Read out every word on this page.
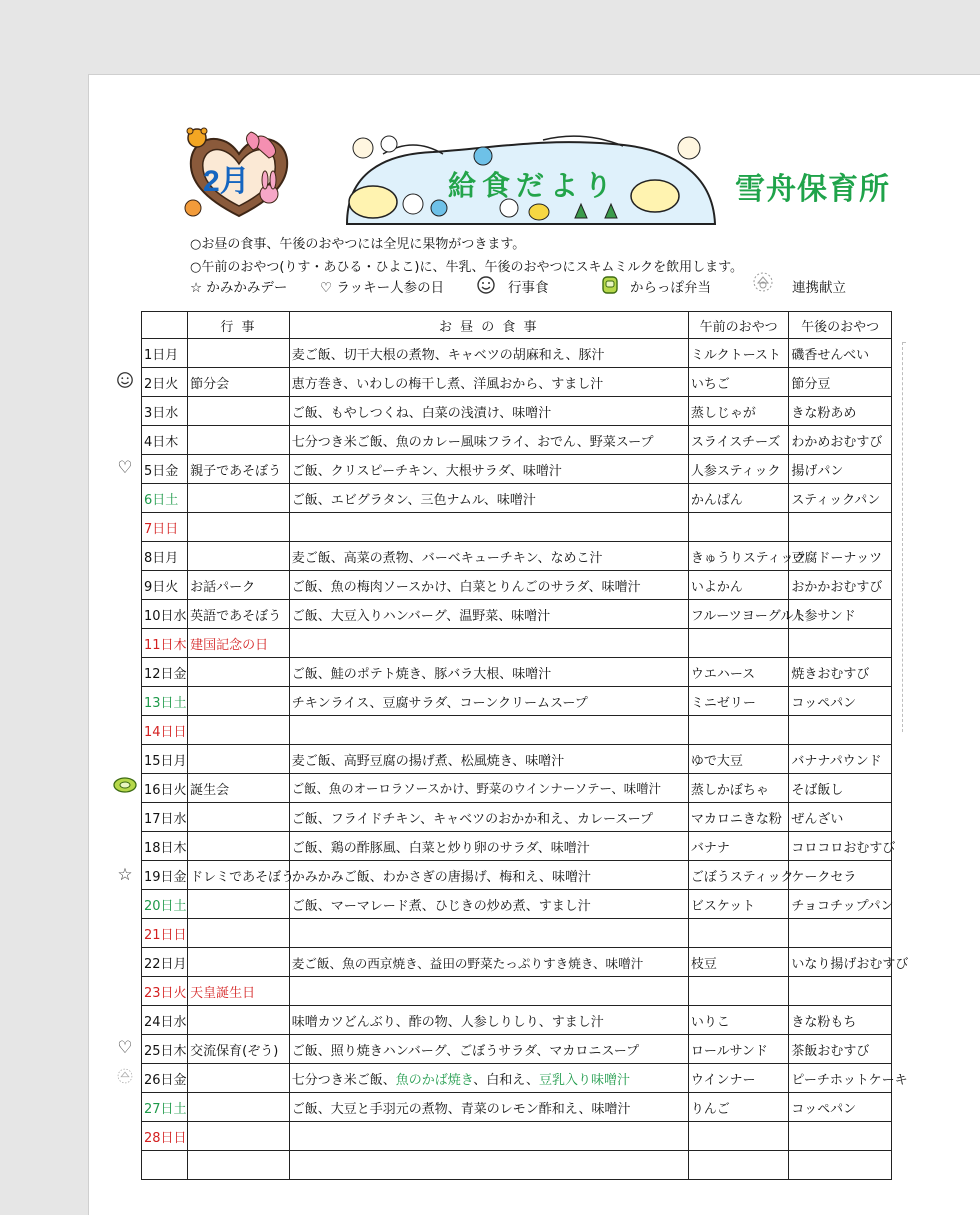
2月	給食だより	雪舟保育所
○お昼の食事、午後のおやつには全児に果物がつきます。
○午前のおやつ(りす・あひる・ひよこ)に、牛乳、午後のおやつにスキムミルクを飲用します。
☆ かみかみデー ♡ ラッキー人参の日	行事食	からっぽ弁当	連携献立
♡
☆
♡
	行 事	お 昼 の 食 事	午前のおやつ	午後のおやつ
1日月		麦ご飯、切干大根の煮物、キャベツの胡麻和え、豚汁	ミルクトースト	磯香せんべい
2日火	節分会	恵方巻き、いわしの梅干し煮、洋風おから、すまし汁	いちご	節分豆
3日水		ご飯、もやしつくね、白菜の浅漬け、味噌汁	蒸しじゃが	きな粉あめ
4日木		七分つき米ご飯、魚のカレー風味フライ、おでん、野菜スープ	スライスチーズ	わかめおむすび
5日金	親子であそぼう	ご飯、クリスピーチキン、大根サラダ、味噌汁	人参スティック	揚げパン
6日土		ご飯、エビグラタン、三色ナムル、味噌汁	かんぱん	スティックパン
7日日				
8日月		麦ご飯、高菜の煮物、バーベキューチキン、なめこ汁	きゅうりスティック	豆腐ドーナッツ
9日火	お話パーク	ご飯、魚の梅肉ソースかけ、白菜とりんごのサラダ、味噌汁	いよかん	おかかおむすび
10日水	英語であそぼう	ご飯、大豆入りハンバーグ、温野菜、味噌汁	フルーツヨーグルト	人参サンド
11日木	建国記念の日			
12日金		ご飯、鮭のポテト焼き、豚バラ大根、味噌汁	ウエハース	焼きおむすび
13日土		チキンライス、豆腐サラダ、コーンクリームスープ	ミニゼリー	コッペパン
14日日				
15日月		麦ご飯、高野豆腐の揚げ煮、松風焼き、味噌汁	ゆで大豆	バナナパウンド
16日火	誕生会	ご飯、魚のオーロラソースかけ、野菜のウインナーソテー、味噌汁	蒸しかぼちゃ	そば飯し
17日水		ご飯、フライドチキン、キャベツのおかか和え、カレースープ	マカロニきな粉	ぜんざい
18日木		ご飯、鶏の酢豚風、白菜と炒り卵のサラダ、味噌汁	バナナ	コロコロおむすび
19日金	ドレミであそぼう	かみかみご飯、わかさぎの唐揚げ、梅和え、味噌汁	ごぼうスティック	ケークセラ
20日土		ご飯、マーマレード煮、ひじきの炒め煮、すまし汁	ビスケット	チョコチップパン
21日日				
22日月		麦ご飯、魚の西京焼き、益田の野菜たっぷりすき焼き、味噌汁	枝豆	いなり揚げおむすび
23日火	天皇誕生日			
24日水		味噌カツどんぶり、酢の物、人参しりしり、すまし汁	いりこ	きな粉もち
25日木	交流保育(ぞう)	ご飯、照り焼きハンバーグ、ごぼうサラダ、マカロニスープ	ロールサンド	茶飯おむすび
26日金		七分つき米ご飯、魚のかば焼き、白和え、豆乳入り味噌汁	ウインナー	ピーチホットケーキ
27日土		ご飯、大豆と手羽元の煮物、青菜のレモン酢和え、味噌汁	りんご	コッペパン
28日日				
